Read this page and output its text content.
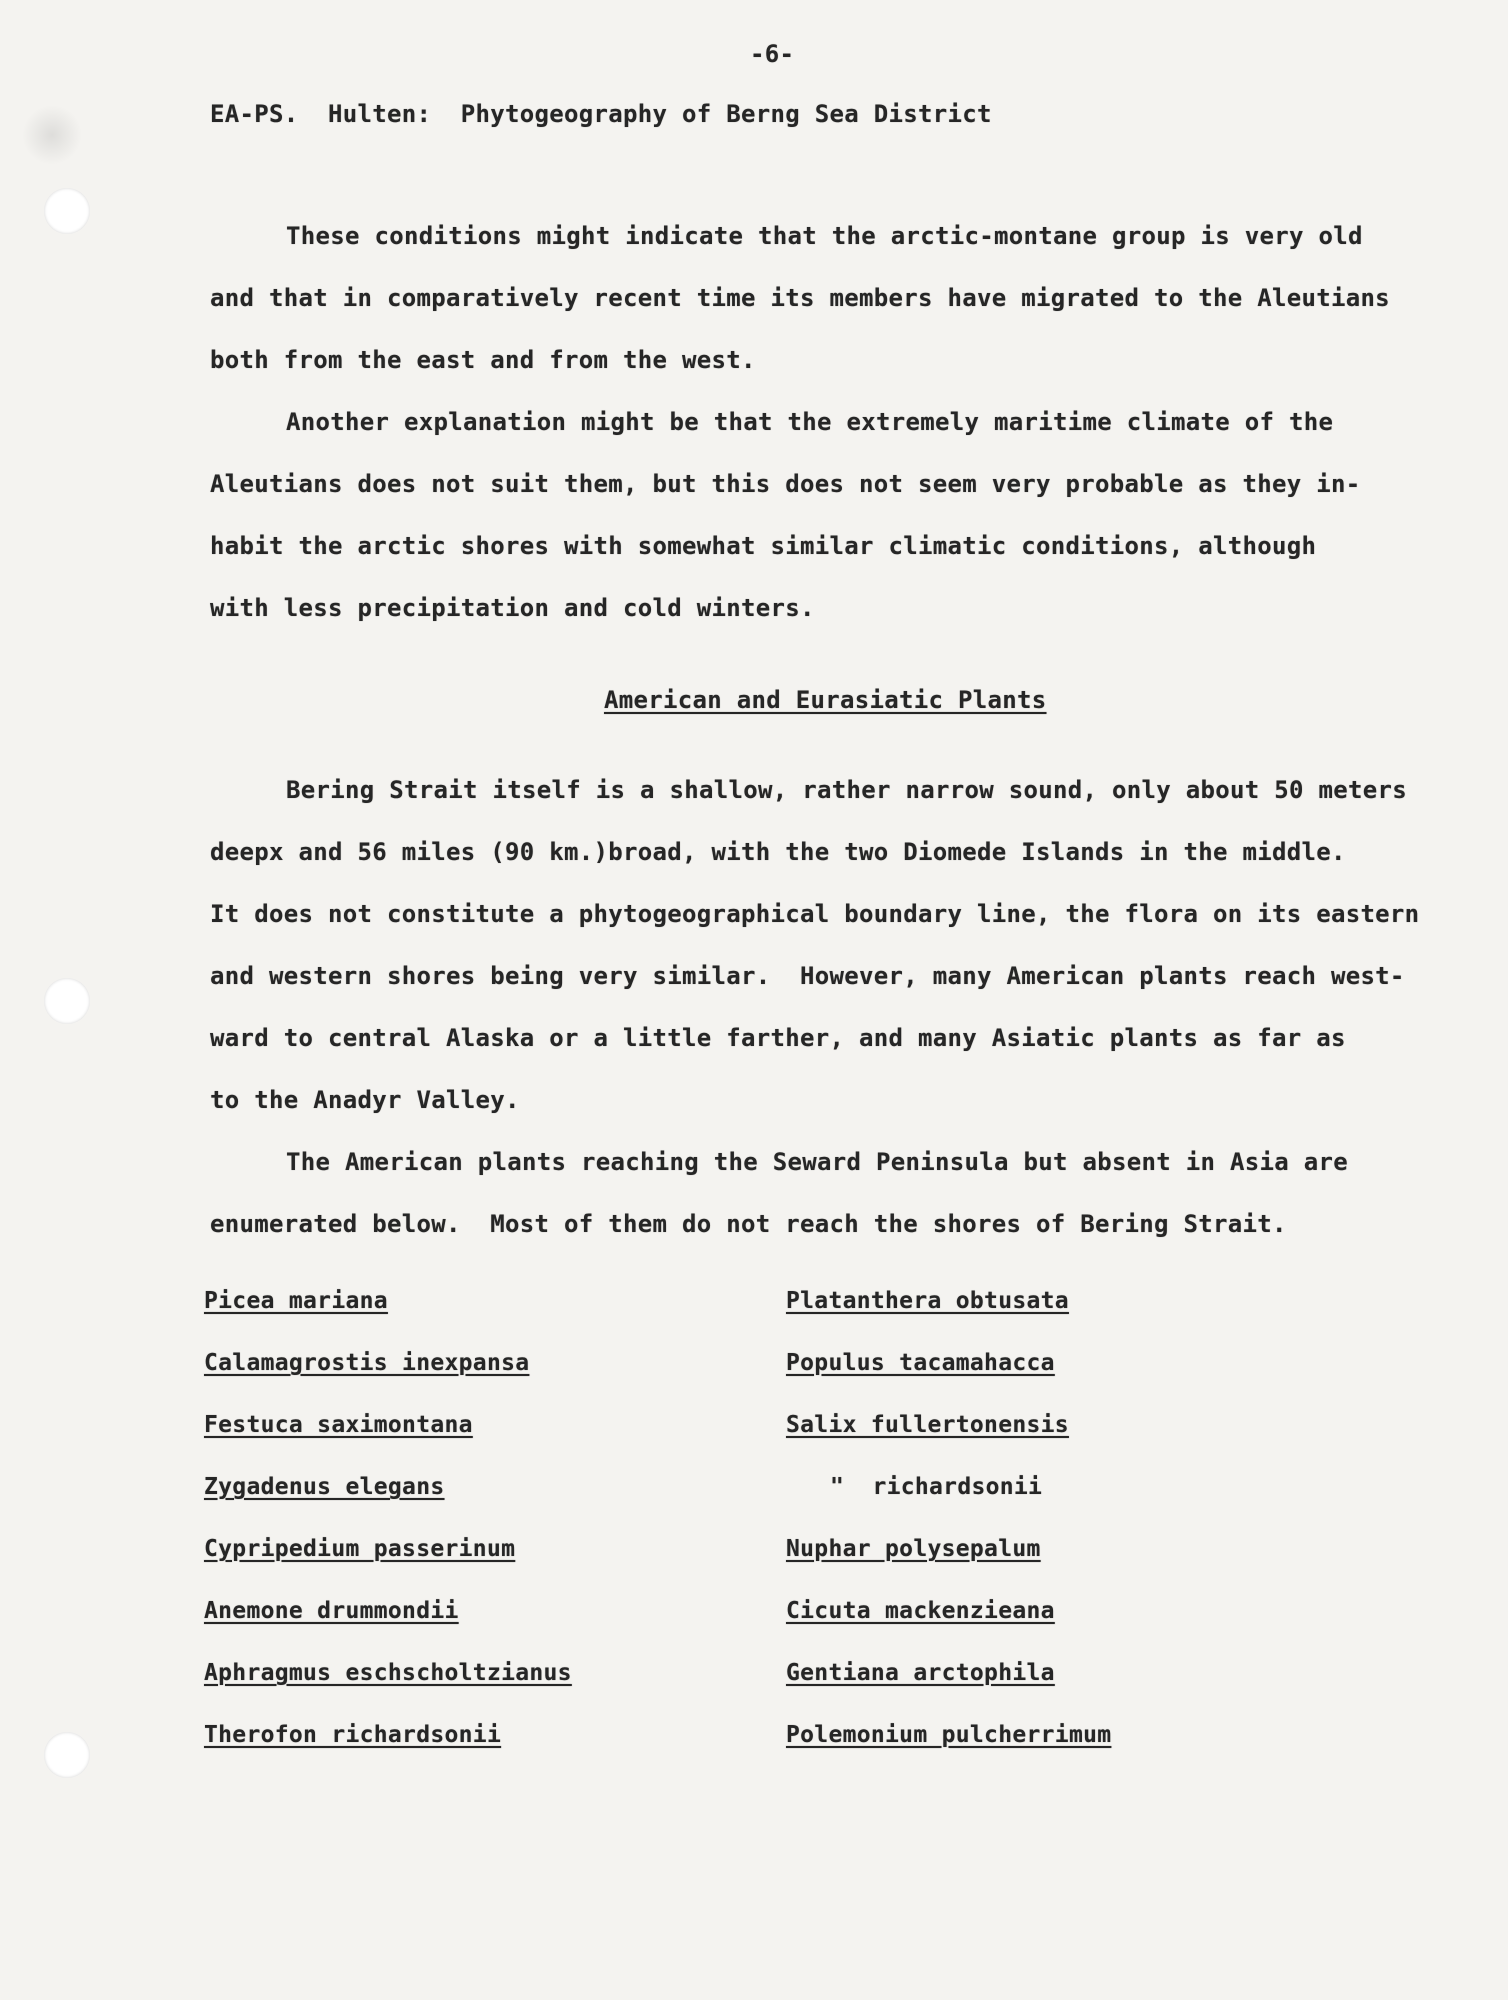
-6-
EA-PS.  Hulten:  Phytogeography of Berng Sea District
These conditions might indicate that the arctic-montane group is very old
and that in comparatively recent time its members have migrated to the Aleutians
both from the east and from the west.
Another explanation might be that the extremely maritime climate of the
Aleutians does not suit them, but this does not seem very probable as they in-
habit the arctic shores with somewhat similar climatic conditions, although
with less precipitation and cold winters.
American and Eurasiatic Plants
Bering Strait itself is a shallow, rather narrow sound, only about 50 meters
deepx and 56 miles (90 km.)broad, with the two Diomede Islands in the middle.
It does not constitute a phytogeographical boundary line, the flora on its eastern
and western shores being very similar.  However, many American plants reach west-
ward to central Alaska or a little farther, and many Asiatic plants as far as
to the Anadyr Valley.
The American plants reaching the Seward Peninsula but absent in Asia are
enumerated below.  Most of them do not reach the shores of Bering Strait.
Picea mariana
Calamagrostis inexpansa
Festuca saximontana
Zygadenus elegans
Cypripedium passerinum
Anemone drummondii
Aphragmus eschscholtzianus
Therofon richardsonii
Platanthera obtusata
Populus tacamahacca
Salix fullertonensis
"  richardsonii
Nuphar polysepalum
Cicuta mackenzieana
Gentiana arctophila
Polemonium pulcherrimum
